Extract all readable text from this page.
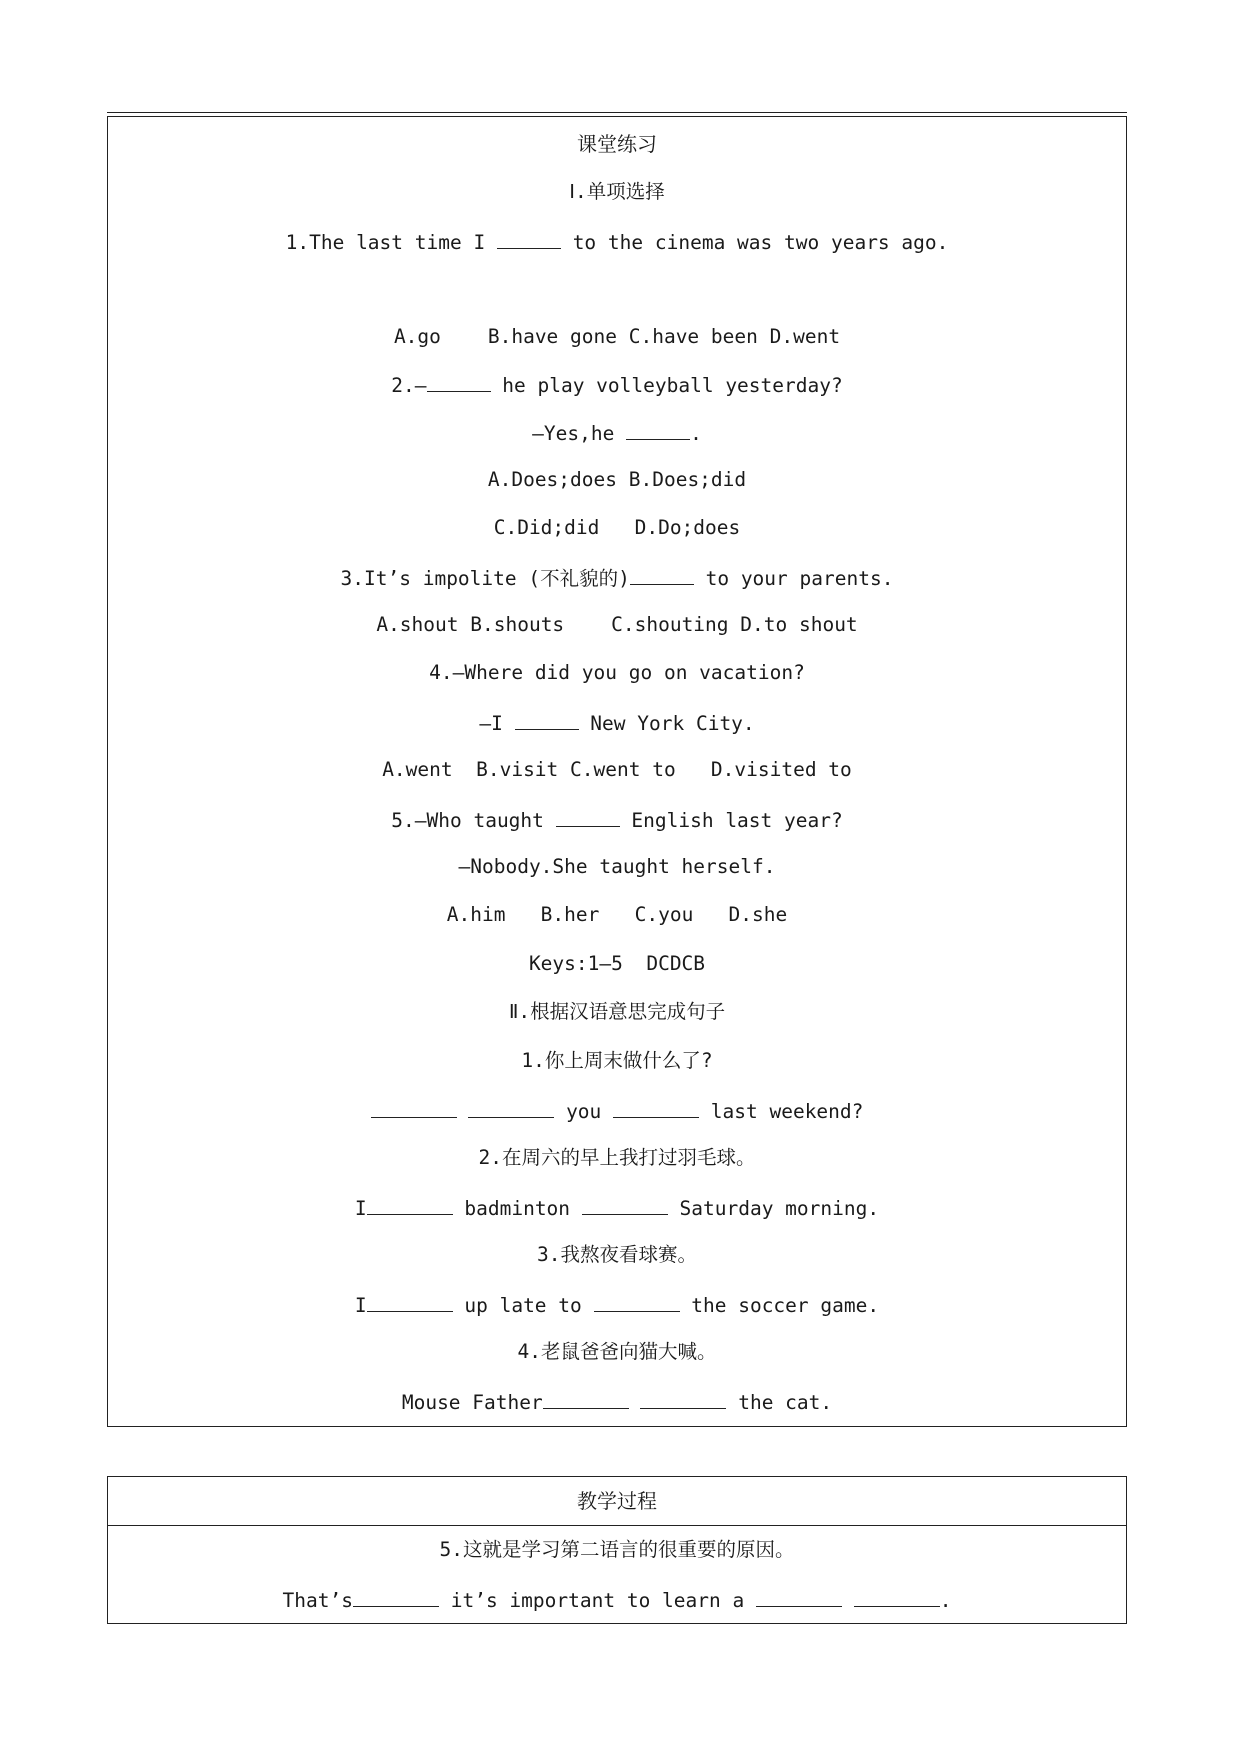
课堂练习
Ⅰ.单项选择
1.The last time I	to the cinema was two years ago.
A.go    B.have gone C.have been D.went
2.—	he play volleyball yesterday?
—Yes,he	.
A.Does;does B.Does;did
C.Did;did   D.Do;does
3.It’s impolite (不礼貌的)	to your parents.
A.shout B.shouts    C.shouting D.to shout
4.—Where did you go on vacation?
—I	New York City.
A.went  B.visit C.went to   D.visited to
5.—Who taught	English last year?
—Nobody.She taught herself.
A.him   B.her   C.you   D.she
Keys:1—5  DCDCB
Ⅱ.根据汉语意思完成句子
1.你上周末做什么了?
you	last weekend?
2.在周六的早上我打过羽毛球。
I	badminton	Saturday morning.
3.我熬夜看球赛。
I	up late to	the soccer game.
4.老鼠爸爸向猫大喊。
Mouse Father	the cat.
教学过程
5.这就是学习第二语言的很重要的原因。
That’s	it’s important to learn a	.
